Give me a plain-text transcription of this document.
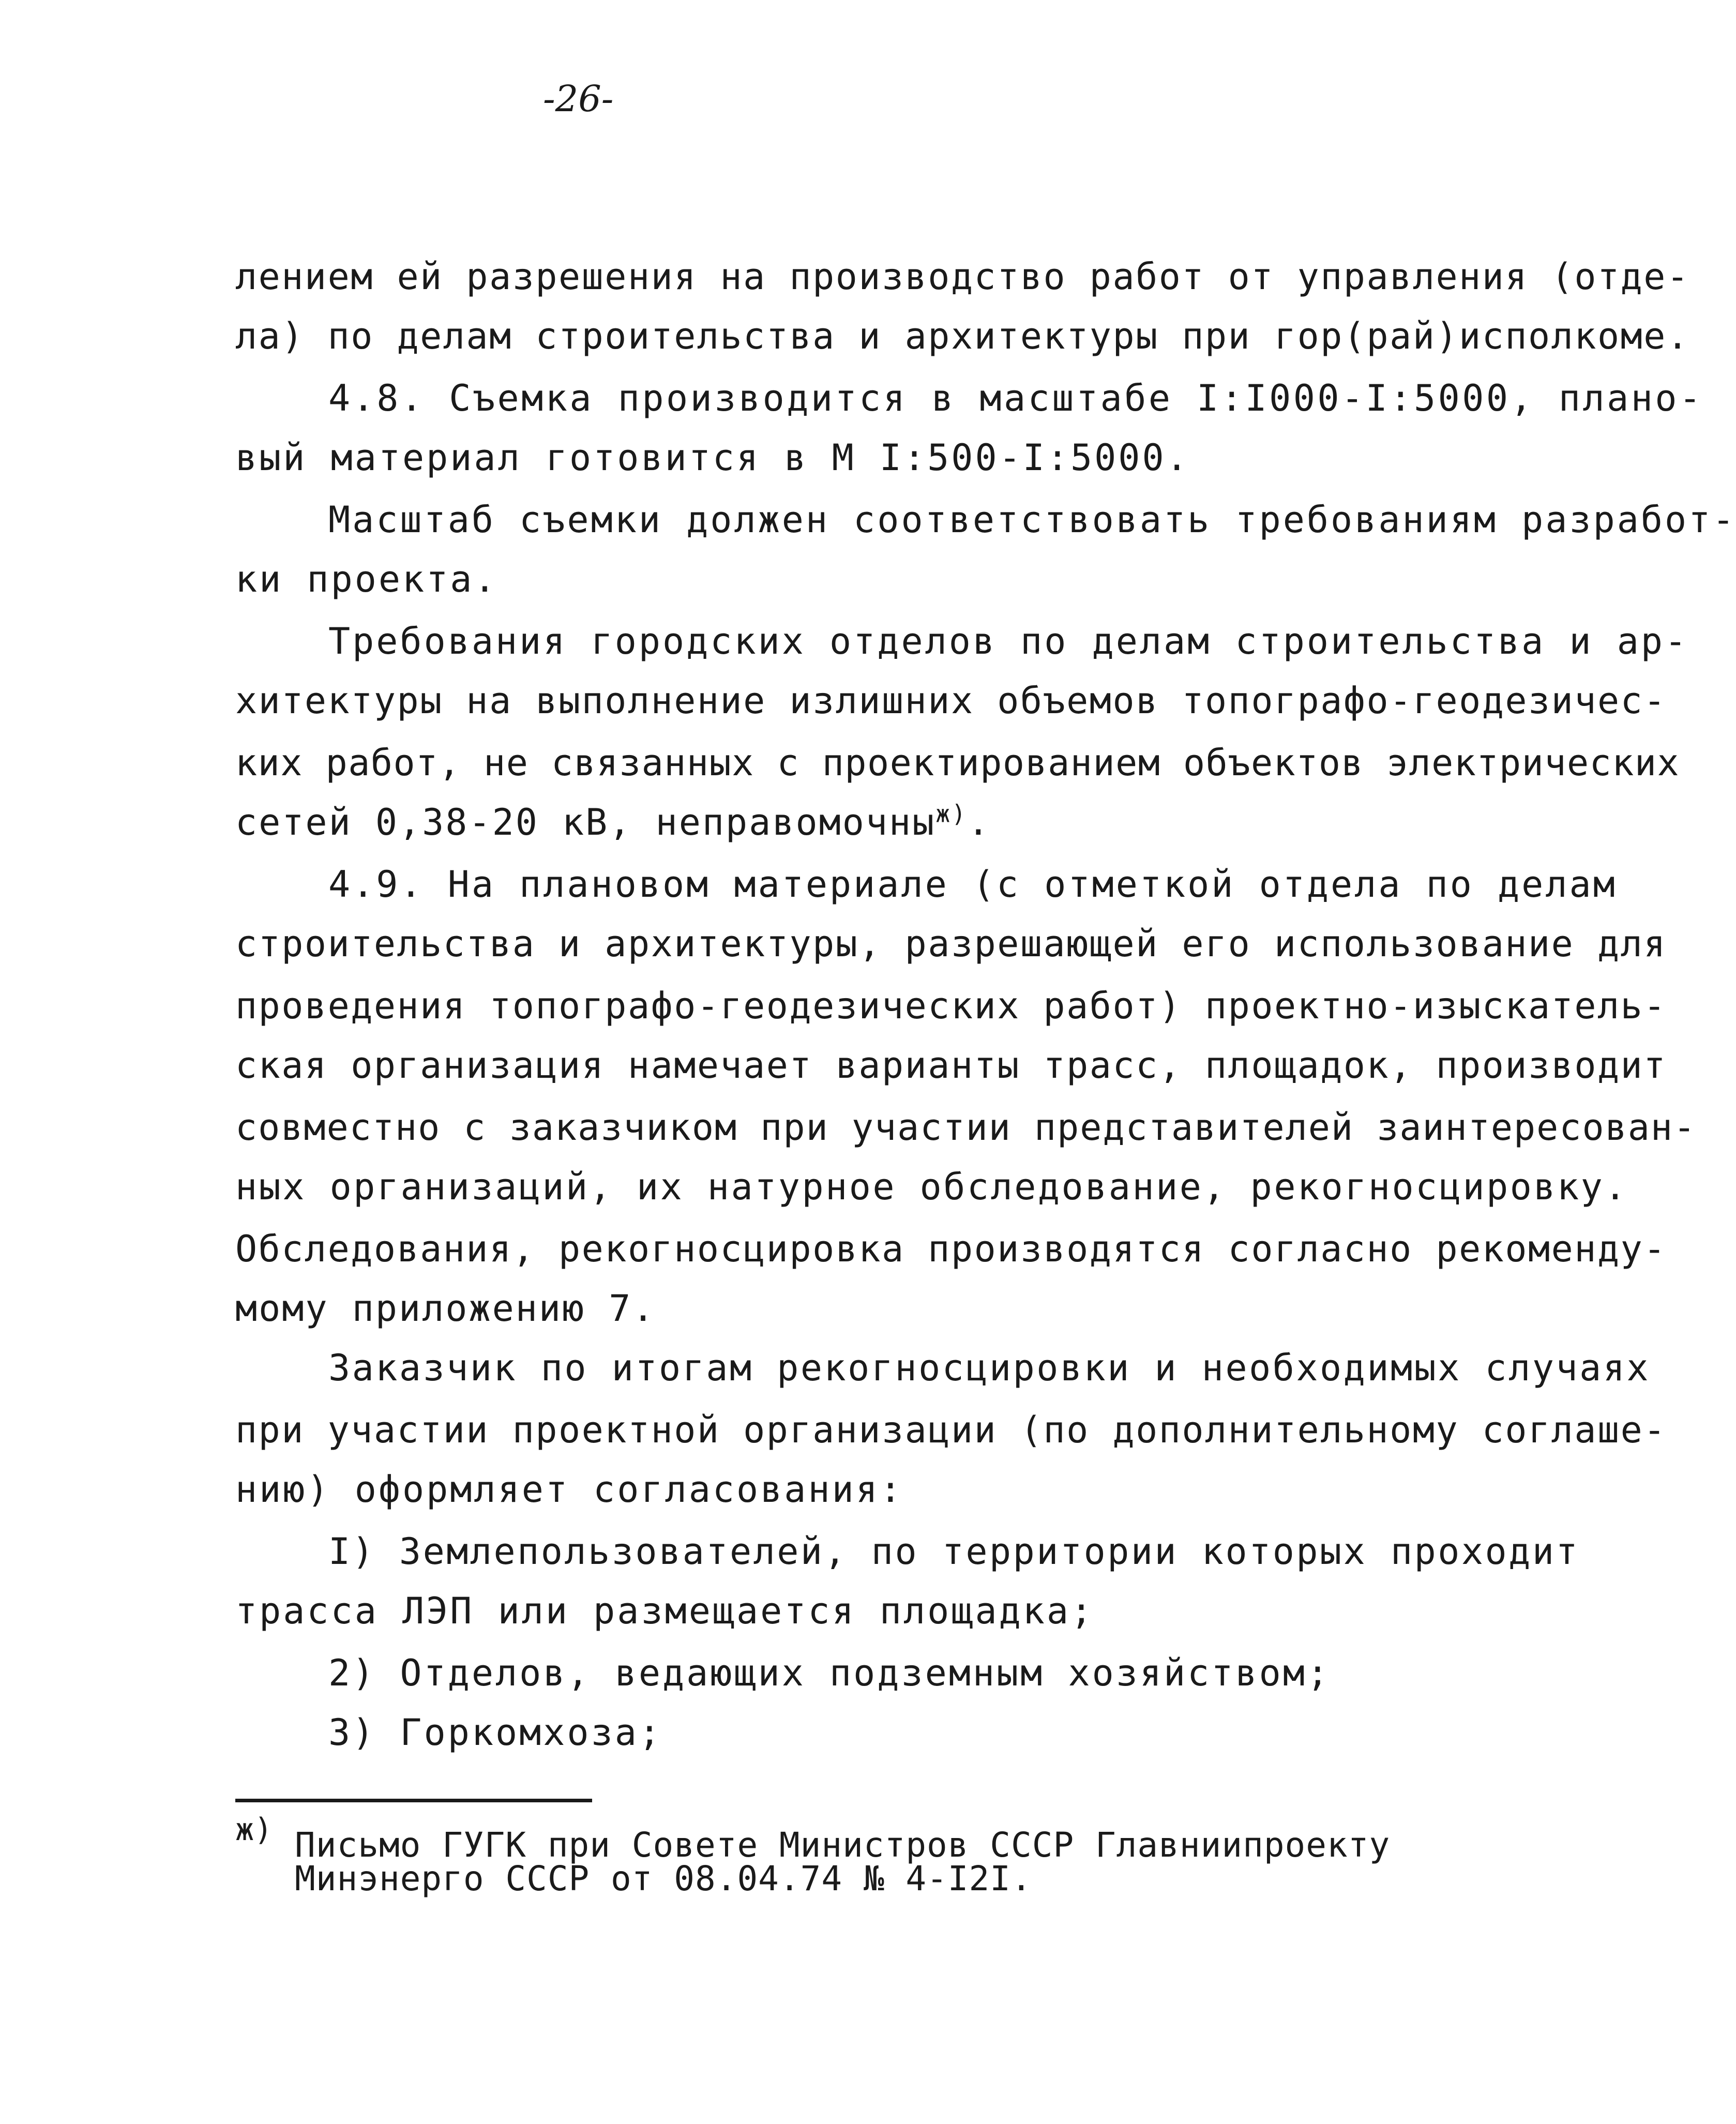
-26-
лением ей разрешения на производство работ от управления (отде-
ла) по делам строительства и архитектуры при гор(рай)исполкоме.
4.8. Съемка производится в масштабе I:I000-I:5000, плано-
вый материал готовится в М I:500-I:5000.
Масштаб съемки должен соответствовать требованиям разработ-
ки проекта.
Требования городских отделов по делам строительства и ар-
хитектуры на выполнение излишних объемов топографо-геодезичес-
ких работ, не связанных с проектированием объектов электрических
сетей 0,38-20 кВ, неправомочны$^{ж)}$.
4.9. На плановом материале (с отметкой отдела по делам
строительства и архитектуры, разрешающей его использование для
проведения топографо-геодезических работ) проектно-изыскатель-
ская организация намечает варианты трасс, площадок, производит
совместно с заказчиком при участии представителей заинтересован-
ных организаций, их натурное обследование, рекогносцировку.
Обследования, рекогносцировка производятся согласно рекоменду-
мому приложению 7.
Заказчик по итогам рекогносцировки и необходимых случаях
при участии проектной организации (по дополнительному соглаше-
нию) оформляет согласования:
I) Землепользователей, по территории которых проходит
трасса ЛЭП или размещается площадка;
2) Отделов, ведающих подземным хозяйством;
3) Горкомхоза;
ж) Письмо ГУГК при Совете Министров СССР Главниипроекту
Минэнерго СССР от 08.04.74 № 4-I2I.
